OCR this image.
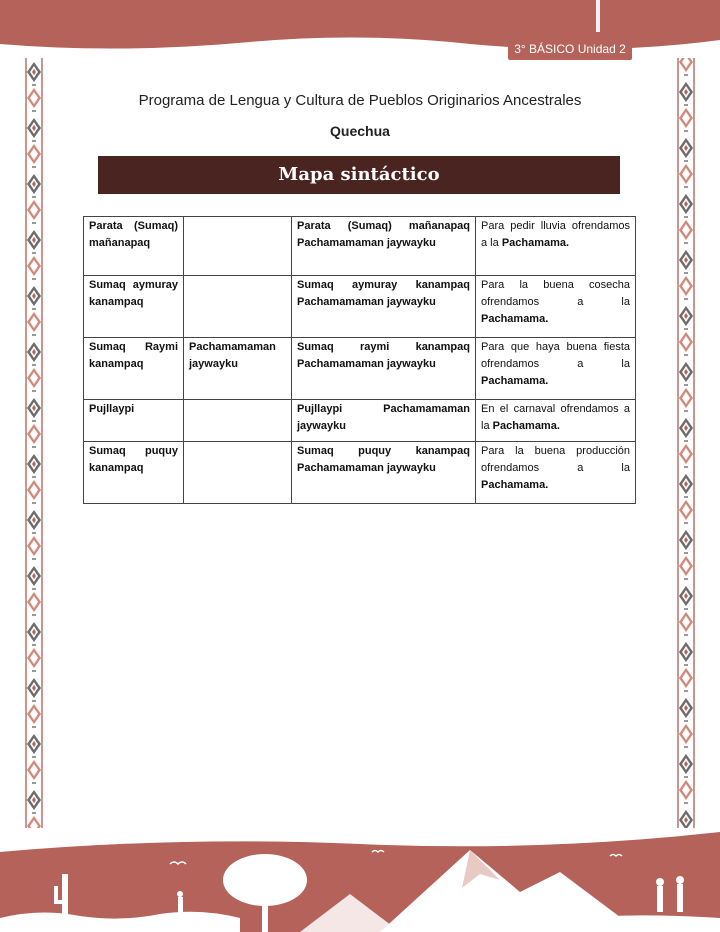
3° BÁSICO Unidad 2
Programa de Lengua y Cultura de Pueblos Originarios Ancestrales
Quechua
Mapa sintáctico
Parata (Sumaq) mañanapaq		Parata (Sumaq) mañanapaq Pachamamaman jaywayku	Para pedir lluvia ofrendamos a la Pachamama.
Sumaq aymuray kanampaq		Sumaq aymuray kanampaq Pachamamaman jaywayku	Para la buena cosecha ofrendamos a la Pachamama.
Sumaq Raymi kanampaq	Pachamamaman jaywayku	Sumaq raymi kanampaq Pachamamaman jaywayku	Para que haya buena fiesta ofrendamos a la Pachamama.
Pujllaypi		Pujllaypi Pachamamaman jaywayku	En el carnaval ofrendamos a la Pachamama.
Sumaq puquy kanampaq		Sumaq puquy kanampaq Pachamamaman jaywayku	Para la buena producción ofrendamos a la Pachamama.
